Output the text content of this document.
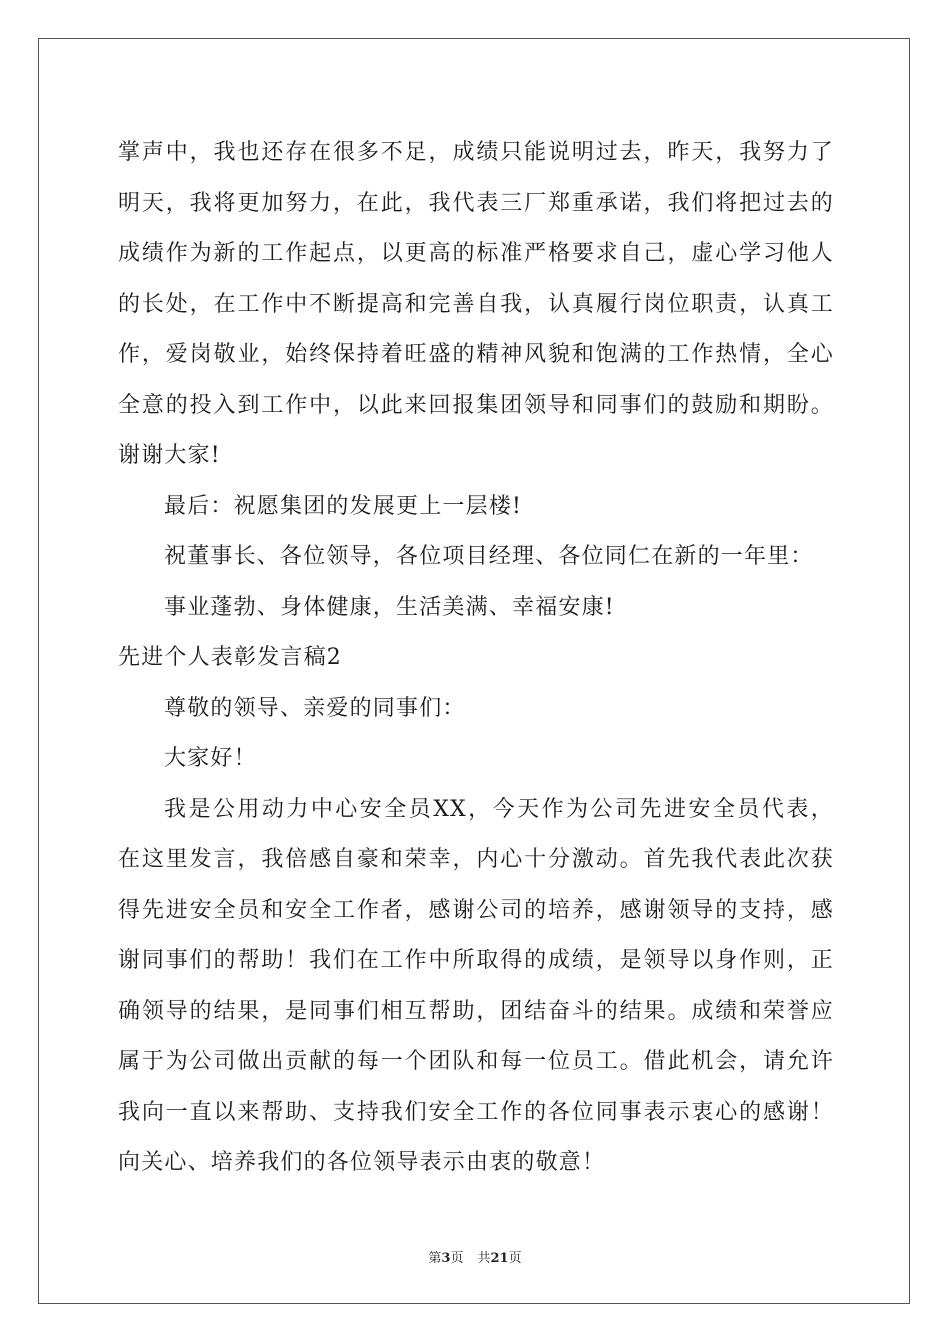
掌声中，我也还存在很多不足，成绩只能说明过去，昨天，我努力了
明天，我将更加努力，在此，我代表三厂郑重承诺，我们将把过去的
成绩作为新的工作起点，以更高的标准严格要求自己，虚心学习他人
的长处，在工作中不断提高和完善自我，认真履行岗位职责，认真工
作，爱岗敬业，始终保持着旺盛的精神风貌和饱满的工作热情，全心
全意的投入到工作中，以此来回报集团领导和同事们的鼓励和期盼。
谢谢大家!
最后：祝愿集团的发展更上一层楼!
祝董事长、各位领导，各位项目经理、各位同仁在新的一年里：
事业蓬勃、身体健康，生活美满、幸福安康!
先进个人表彰发言稿2
尊敬的领导、亲爱的同事们：
大家好！
我是公用动力中心安全员XX，今天作为公司先进安全员代表，
在这里发言，我倍感自豪和荣幸，内心十分激动。首先我代表此次获
得先进安全员和安全工作者，感谢公司的培养，感谢领导的支持，感
谢同事们的帮助！我们在工作中所取得的成绩，是领导以身作则，正
确领导的结果，是同事们相互帮助，团结奋斗的结果。成绩和荣誉应
属于为公司做出贡献的每一个团队和每一位员工。借此机会，请允许
我向一直以来帮助、支持我们安全工作的各位同事表示衷心的感谢！
向关心、培养我们的各位领导表示由衷的敬意！
第3页 共21页
